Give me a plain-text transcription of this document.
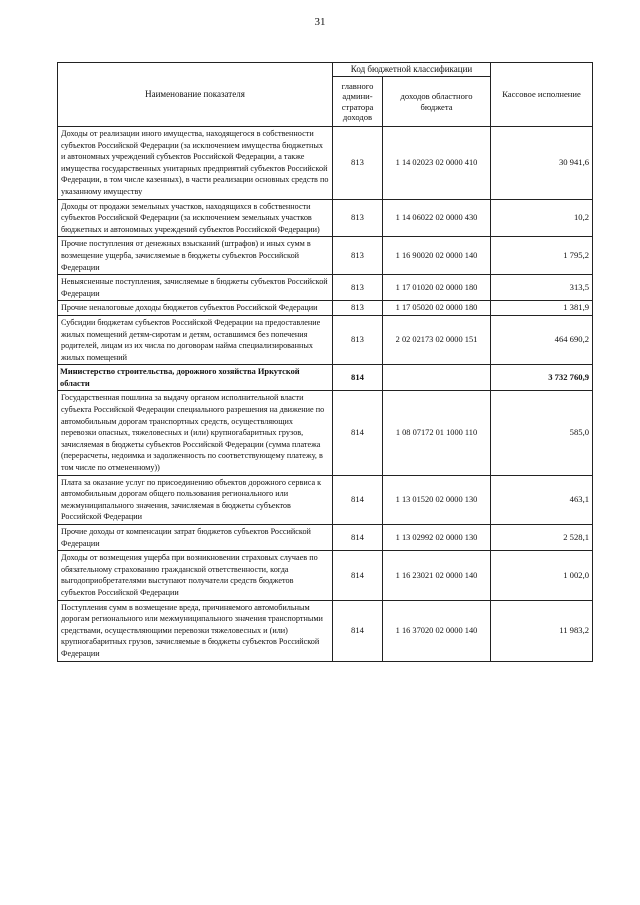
31
Наименование показателя	Код бюджетной классификации		Кассовое исполнение
	главного админи-стратора доходов	доходов областного бюджета	
Доходы от реализации иного имущества, находящегося в собственности субъектов Российской Федерации (за исключением имущества бюджетных и автономных учреждений субъектов Российской Федерации, а также имущества государственных унитарных предприятий субъектов Российской Федерации, в том числе казенных), в части реализации основных средств по указанному имуществу	813	1 14 02023 02 0000 410	30 941,6
Доходы от продажи земельных участков, находящихся в собственности субъектов Российской Федерации (за исключением земельных участков бюджетных и автономных учреждений субъектов Российской Федерации)	813	1 14 06022 02 0000 430	10,2
Прочие поступления от денежных взысканий (штрафов) и иных сумм в возмещение ущерба, зачисляемые в бюджеты субъектов Российской Федерации	813	1 16 90020 02 0000 140	1 795,2
Невыясненные поступления, зачисляемые в бюджеты субъектов Российской Федерации	813	1 17 01020 02 0000 180	313,5
Прочие неналоговые доходы бюджетов субъектов Российской Федерации	813	1 17 05020 02 0000 180	1 381,9
Субсидии бюджетам субъектов Российской Федерации на предоставление жилых помещений детям-сиротам и детям, оставшимся без попечения родителей, лицам из их числа по договорам найма специализированных жилых помещений	813	2 02 02173 02 0000 151	464 690,2
Министерство строительства, дорожного хозяйства Иркутской области	814		3 732 760,9
Государственная пошлина за выдачу органом исполнительной власти субъекта Российской Федерации специального разрешения на движение по автомобильным дорогам транспортных средств, осуществляющих перевозки опасных, тяжеловесных и (или) крупногабаритных грузов, зачисляемая в бюджеты субъектов Российской Федерации (сумма платежа (перерасчеты, недоимка и задолженность по соответствующему платежу, в том числе по отмененному))	814	1 08 07172 01 1000 110	585,0
Плата за оказание услуг по присоединению объектов дорожного сервиса к автомобильным дорогам общего пользования регионального или межмуниципального значения, зачисляемая в бюджеты субъектов Российской Федерации	814	1 13 01520 02 0000 130	463,1
Прочие доходы от компенсации затрат бюджетов субъектов Российской Федерации	814	1 13 02992 02 0000 130	2 528,1
Доходы от возмещения ущерба при возникновении страховых случаев по обязательному страхованию гражданской ответственности, когда выгодоприобретателями выступают получатели средств бюджетов субъектов Российской Федерации	814	1 16 23021 02 0000 140	1 002,0
Поступления сумм в возмещение вреда, причиняемого автомобильным дорогам регионального или межмуниципального значения транспортными средствами, осуществляющими перевозки тяжеловесных и (или) крупногабаритных грузов, зачисляемые в бюджеты субъектов Российской Федерации	814	1 16 37020 02 0000 140	11 983,2
